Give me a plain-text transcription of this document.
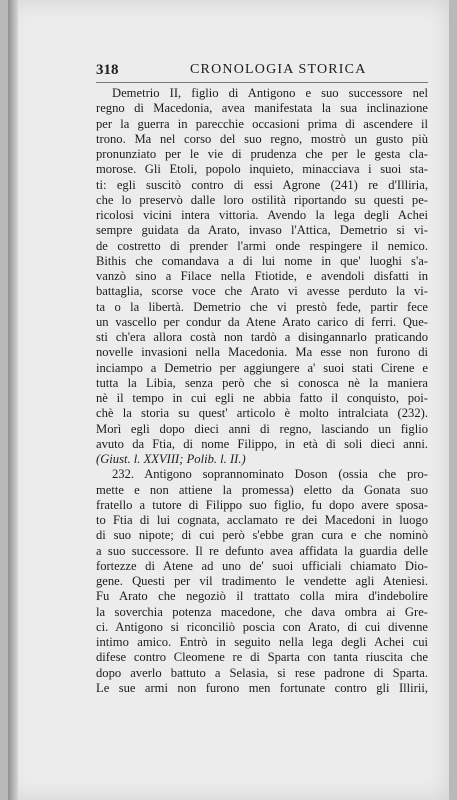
318	CRONOLOGIA STORICA
Demetrio II, figlio di Antigono e suo successore nel
regno di Macedonia, avea manifestata la sua inclinazione
per la guerra in parecchie occasioni prima di ascendere il
trono. Ma nel corso del suo regno, mostrò un gusto più
pronunziato per le vie di prudenza che per le gesta cla-
morose. Gli Etoli, popolo inquieto, minacciava i suoi sta-
ti: egli suscitò contro di essi Agrone (241) re d'Illiria,
che lo preservò dalle loro ostilità riportando su questi pe-
ricolosi vicini intera vittoria. Avendo la lega degli Achei
sempre guidata da Arato, invaso l'Attica, Demetrio si vi-
de costretto di prender l'armi onde respingere il nemico.
Bithis che comandava a di lui nome in que' luoghi s'a-
vanzò sino a Filace nella Ftiotide, e avendoli disfatti in
battaglia, scorse voce che Arato vi avesse perduto la vi-
ta o la libertà. Demetrio che vi prestò fede, partir fece
un vascello per condur da Atene Arato carico di ferri. Que-
sti ch'era allora costà non tardò a disingannarlo praticando
novelle invasioni nella Macedonia. Ma esse non furono di
inciampo a Demetrio per aggiungere a' suoi stati Cirene e
tutta la Libia, senza però che si conosca nè la maniera
nè il tempo in cui egli ne abbia fatto il conquisto, poi-
chè la storia su quest' articolo è molto intralciata (232).
Morì egli dopo dieci anni di regno, lasciando un figlio
avuto da Ftia, di nome Filippo, in età di soli dieci anni.
(Giust. l. XXVIII; Polib. l. II.)
232. Antigono soprannominato Doson (ossia che pro-
mette e non attiene la promessa) eletto da Gonata suo
fratello a tutore di Filippo suo figlio, fu dopo avere sposa-
to Ftia di lui cognata, acclamato re dei Macedoni in luogo
di suo nipote; di cui però s'ebbe gran cura e che nominò
a suo successore. Il re defunto avea affidata la guardia delle
fortezze di Atene ad uno de' suoi ufficiali chiamato Dio-
gene. Questi per vil tradimento le vendette agli Ateniesi.
Fu Arato che negoziò il trattato colla mira d'indebolire
la soverchia potenza macedone, che dava ombra ai Gre-
ci. Antigono si riconciliò poscia con Arato, di cui divenne
intimo amico. Entrò in seguito nella lega degli Achei cui
difese contro Cleomene re di Sparta con tanta riuscita che
dopo averlo battuto a Selasia, si rese padrone di Sparta.
Le sue armi non furono men fortunate contro gli Illirii,
